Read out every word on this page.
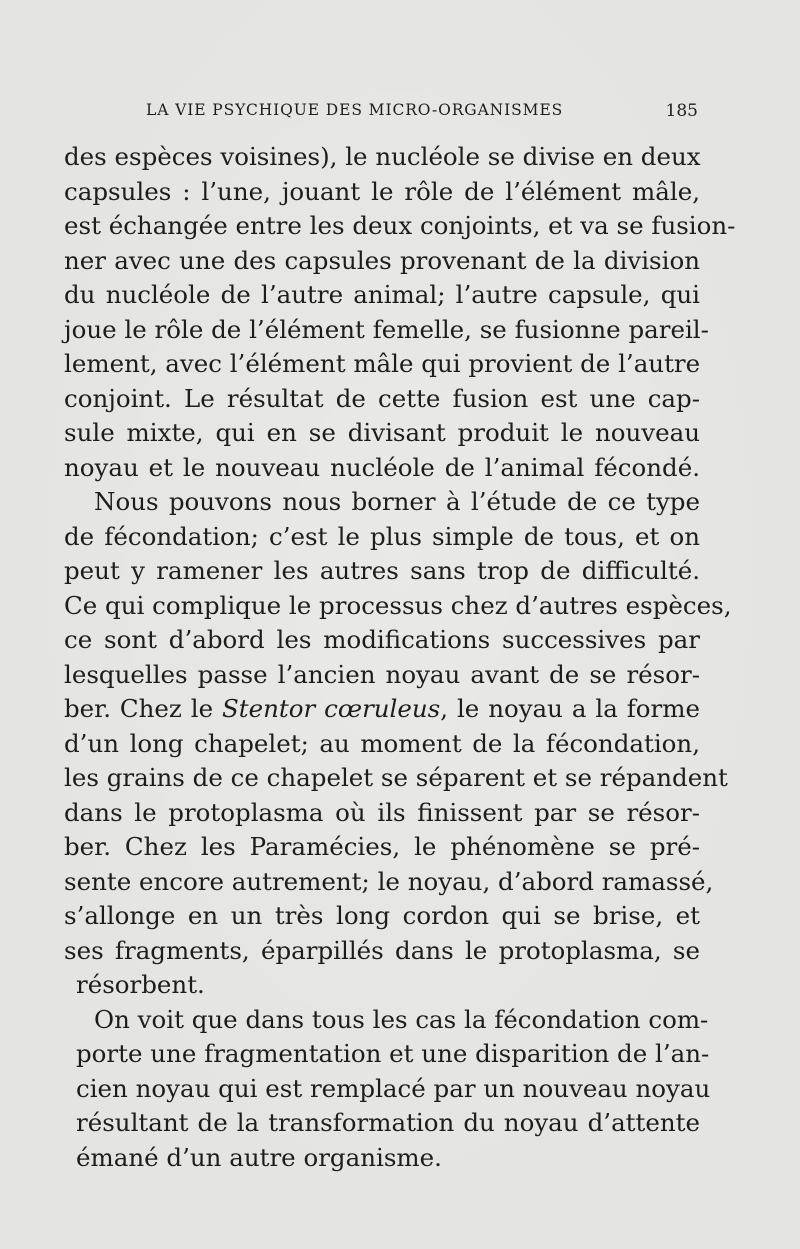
LA VIE PSYCHIQUE DES MICRO-ORGANISMES	185
des espèces voisines), le nucléole se divise en deux
capsules : l’une, jouant le rôle de l’élément mâle,
est échangée entre les deux conjoints, et va se fusion-
ner avec une des capsules provenant de la division
du nucléole de l’autre animal; l’autre capsule, qui
joue le rôle de l’élément femelle, se fusionne pareil-
lement, avec l’élément mâle qui provient de l’autre
conjoint. Le résultat de cette fusion est une cap-
sule mixte, qui en se divisant produit le nouveau
noyau et le nouveau nucléole de l’animal fécondé.
Nous pouvons nous borner à l’étude de ce type
de fécondation; c’est le plus simple de tous, et on
peut y ramener les autres sans trop de difficulté.
Ce qui complique le processus chez d’autres espèces,
ce sont d’abord les modifications successives par
lesquelles passe l’ancien noyau avant de se résor-
ber. Chez le Stentor cœruleus, le noyau a la forme
d’un long chapelet; au moment de la fécondation,
les grains de ce chapelet se séparent et se répandent
dans le protoplasma où ils finissent par se résor-
ber. Chez les Paramécies, le phénomène se pré-
sente encore autrement; le noyau, d’abord ramassé,
s’allonge en un très long cordon qui se brise, et
ses fragments, éparpillés dans le protoplasma, se
résorbent.
On voit que dans tous les cas la fécondation com-
porte une fragmentation et une disparition de l’an-
cien noyau qui est remplacé par un nouveau noyau
résultant de la transformation du noyau d’attente
émané d’un autre organisme.
